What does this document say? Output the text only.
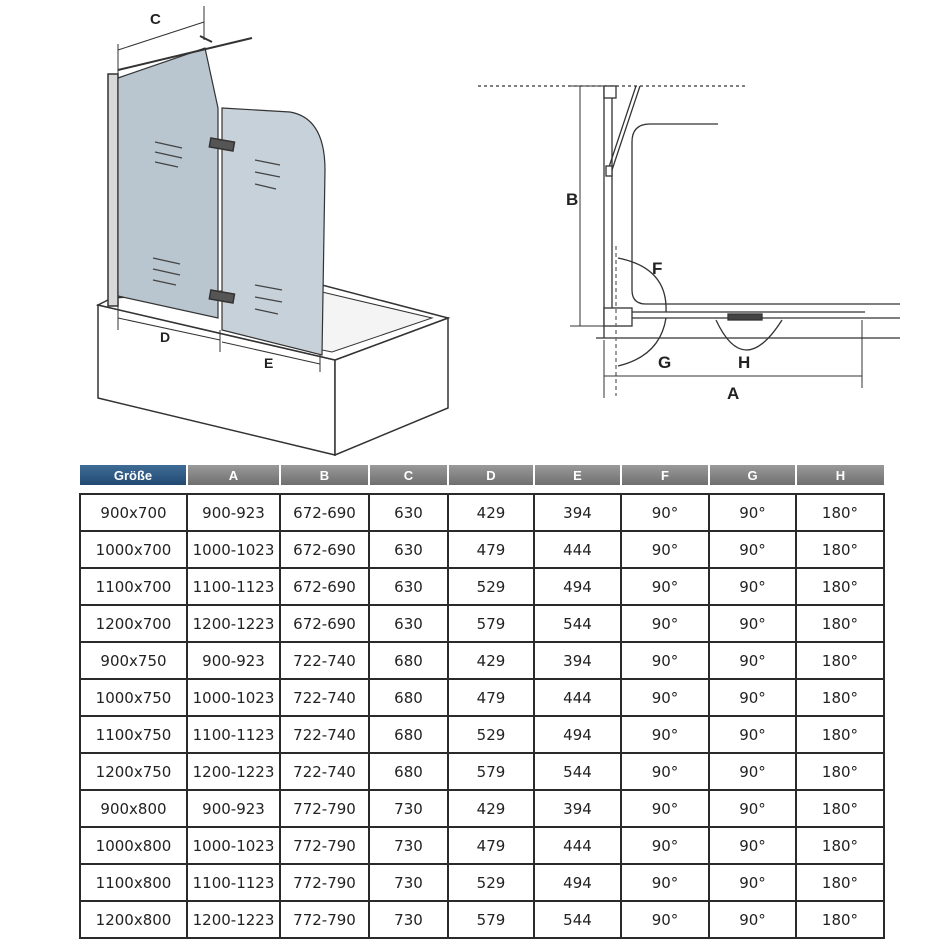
C
D
E
B
F
G	H
A
Größe	A	B	C	D	E	F	G	H

900x700	900-923	672-690	630	429	394	90°	90°	180°
1000x700	1000-1023	672-690	630	479	444	90°	90°	180°
1100x700	1100-1123	672-690	630	529	494	90°	90°	180°
1200x700	1200-1223	672-690	630	579	544	90°	90°	180°
900x750	900-923	722-740	680	429	394	90°	90°	180°
1000x750	1000-1023	722-740	680	479	444	90°	90°	180°
1100x750	1100-1123	722-740	680	529	494	90°	90°	180°
1200x750	1200-1223	722-740	680	579	544	90°	90°	180°
900x800	900-923	772-790	730	429	394	90°	90°	180°
1000x800	1000-1023	772-790	730	479	444	90°	90°	180°
1100x800	1100-1123	772-790	730	529	494	90°	90°	180°
1200x800	1200-1223	772-790	730	579	544	90°	90°	180°
